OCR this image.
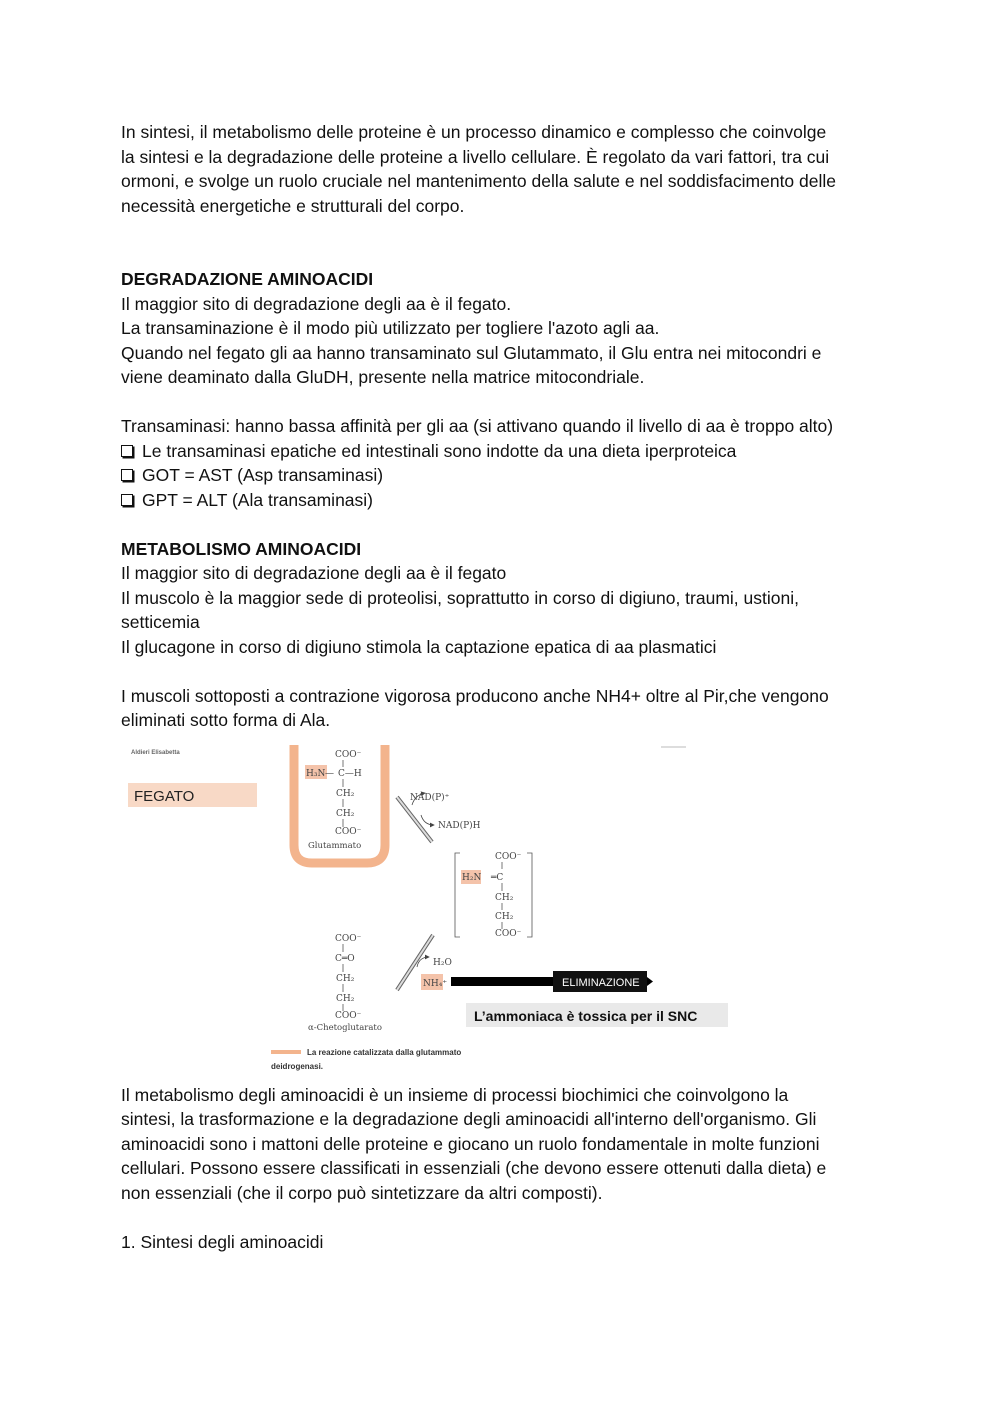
In sintesi, il metabolismo delle proteine è un processo dinamico e complesso che coinvolge

la sintesi e la degradazione delle proteine a livello cellulare. È regolato da vari fattori, tra cui

ormoni, e svolge un ruolo cruciale nel mantenimento della salute e nel soddisfacimento delle

necessità energetiche e strutturali del corpo.

DEGRADAZIONE AMINOACIDI

Il maggior sito di degradazione degli aa è il fegato.

La transaminazione è il modo più utilizzato per togliere l'azoto agli aa.

Quando nel fegato gli aa hanno transaminato sul Glutammato, il Glu entra nei mitocondri e

viene deaminato dalla GluDH, presente nella matrice mitocondriale.

Transaminasi: hanno bassa affinità per gli aa (si attivano quando il livello di aa è troppo alto)

Le transaminasi epatiche ed intestinali sono indotte da una dieta iperproteica

GOT = AST (Asp transaminasi)

GPT = ALT (Ala transaminasi)

METABOLISMO AMINOACIDI

Il maggior sito di degradazione degli aa è il fegato

Il muscolo è la maggior sede di proteolisi, soprattutto in corso di digiuno, traumi, ustioni,

setticemia

Il glucagone in corso di digiuno stimola la captazione epatica di aa plasmatici

I muscoli sottoposti a contrazione vigorosa producono anche NH4+ oltre al Pir,che vengono

eliminati sotto forma di Ala.

Aldieri Elisabetta
FEGATO
COO⁻
H₃N — C—H
CH₂
CH₂
COO⁻
Glutammato
NAD(P)⁺
NAD(P)H
COO⁻
H₂N ═C
CH₂
CH₂
COO⁻
COO⁻
C═O
CH₂
CH₂
COO⁻
α-Chetoglutarato
H₂O
NH₄⁺	ELIMINAZIONE
L’ammoniaca è tossica per il SNC
La reazione catalizzata dalla glutammato
deidrogenasi.

Il metabolismo degli aminoacidi è un insieme di processi biochimici che coinvolgono la

sintesi, la trasformazione e la degradazione degli aminoacidi all'interno dell'organismo. Gli

aminoacidi sono i mattoni delle proteine e giocano un ruolo fondamentale in molte funzioni

cellulari. Possono essere classificati in essenziali (che devono essere ottenuti dalla dieta) e

non essenziali (che il corpo può sintetizzare da altri composti).

1. Sintesi degli aminoacidi
